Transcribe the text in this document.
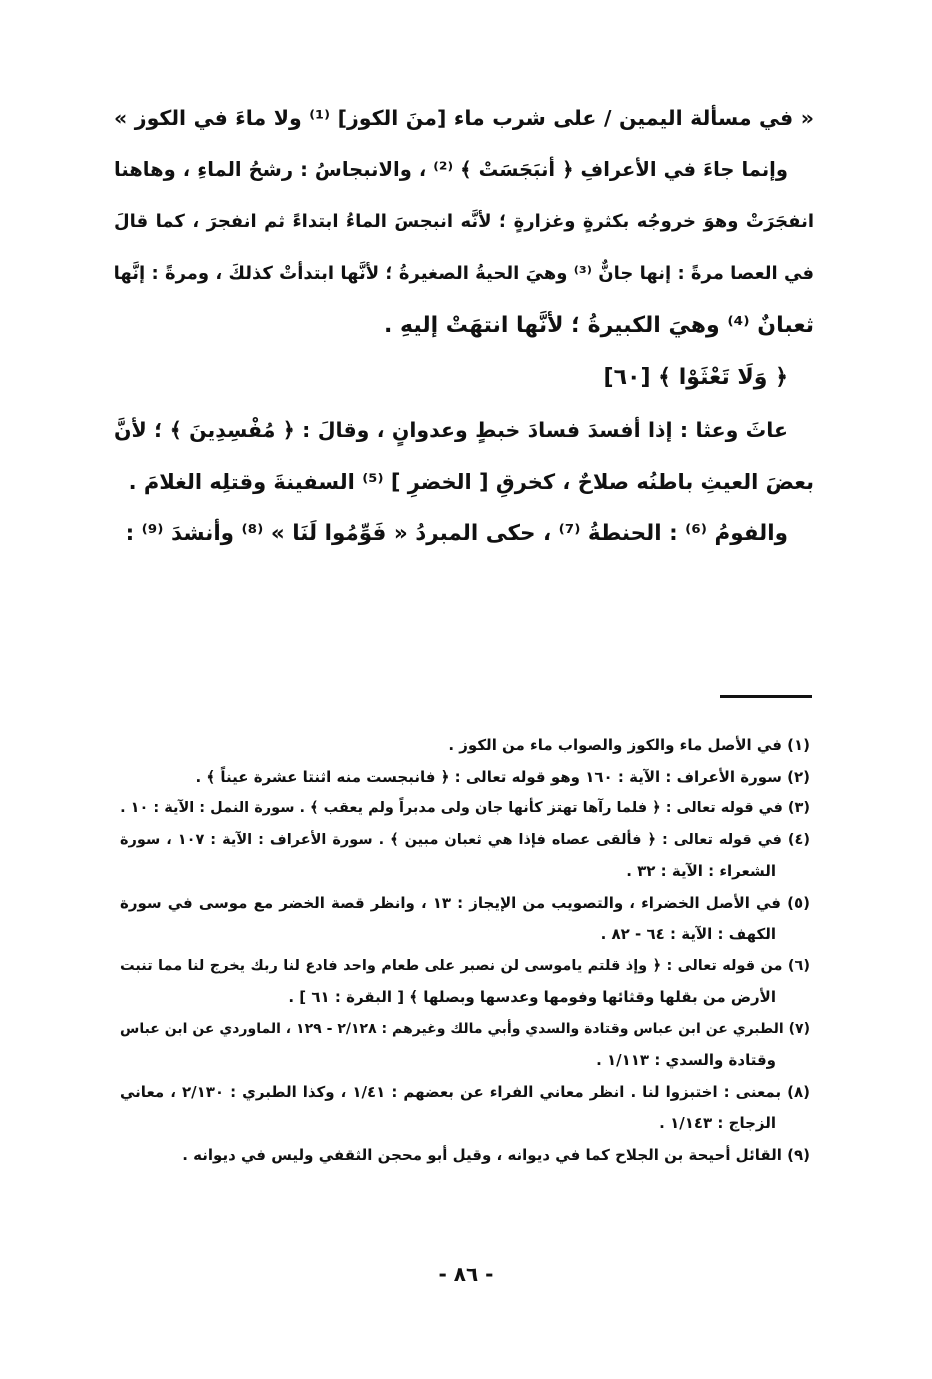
« في مسألة اليمين / على شرب ماء [منَ الكوز] ⁽¹⁾ ولا ماءَ في الكوز »
وإنما جاءَ في الأعرافِ ﴿ أنبَجَسَتْ ﴾ ⁽²⁾ ، والانبجاسُ : رشحُ الماءِ ، وهاهنا
انفجَرَتْ وهوَ خروجُه بكثرةٍ وغزارةٍ ؛ لأنَّه انبجسَ الماءُ ابتداءً ثم انفجرَ ، كما قالَ
في العصا مرةً : إنها جانٌّ ⁽³⁾ وهيَ الحيةُ الصغيرةُ ؛ لأنَّها ابتدأتْ كذلكَ ، ومرةً : إنَّها
ثعبانٌ ⁽⁴⁾ وهيَ الكبيرةُ ؛ لأنَّها انتهَتْ إليهِ .
﴿ وَلَا تَعْثَوْا ﴾ [٦٠]
عاثَ وعثا : إذا أفسدَ فسادَ خبطٍ وعدوانٍ ، وقالَ : ﴿ مُفْسِدِينَ ﴾ ؛ لأنَّ
بعضَ العيثِ باطنُه صلاحٌ ، كخرقِ [ الخضرِ ] ⁽⁵⁾ السفينةَ وقتلِه الغلامَ .
والفومُ ⁽⁶⁾ : الحنطةُ ⁽⁷⁾ ، حكى المبردُ « فَوِّمُوا لَنَا » ⁽⁸⁾ وأنشدَ ⁽⁹⁾ :
(١) في الأصل ماء والكوز والصواب ماء من الكوز .
(٢) سورة الأعراف : الآية : ١٦٠ وهو قوله تعالى : ﴿ فانبجست منه اثنتا عشرة عيناً ﴾ .
(٣) في قوله تعالى : ﴿ فلما رآها تهتز كأنها جان ولى مدبراً ولم يعقب ﴾ . سورة النمل : الآية : ١٠ .
(٤) في قوله تعالى : ﴿ فألقى عصاه فإذا هي ثعبان مبين ﴾ . سورة الأعراف : الآية : ١٠٧ ، سورة
الشعراء : الآية : ٣٢ .
(٥) في الأصل الخضراء ، والتصويب من الإيجاز : ١٣ ، وانظر قصة الخضر مع موسى في سورة
الكهف : الآية : ٦٤ - ٨٢ .
(٦) من قوله تعالى : ﴿ وإذ قلتم ياموسى لن نصبر على طعام واحد فادع لنا ربك يخرج لنا مما تنبت
الأرض من بقلها وقثائها وفومها وعدسها وبصلها ﴾ [ البقرة : ٦١ ] .
(٧) الطبري عن ابن عباس وقتادة والسدي وأبي مالك وغيرهم : ٢/١٢٨ - ١٢٩ ، الماوردي عن ابن عباس
وقتادة والسدي : ١/١١٣ .
(٨) بمعنى : اختبزوا لنا . انظر معاني الفراء عن بعضهم : ١/٤١ ، وكذا الطبري : ٢/١٣٠ ، معاني
الزجاج : ١/١٤٣ .
(٩) القائل أحيحة بن الجلاح كما في ديوانه ، وقيل أبو محجن الثقفي وليس في ديوانه .
- ٨٦ -
